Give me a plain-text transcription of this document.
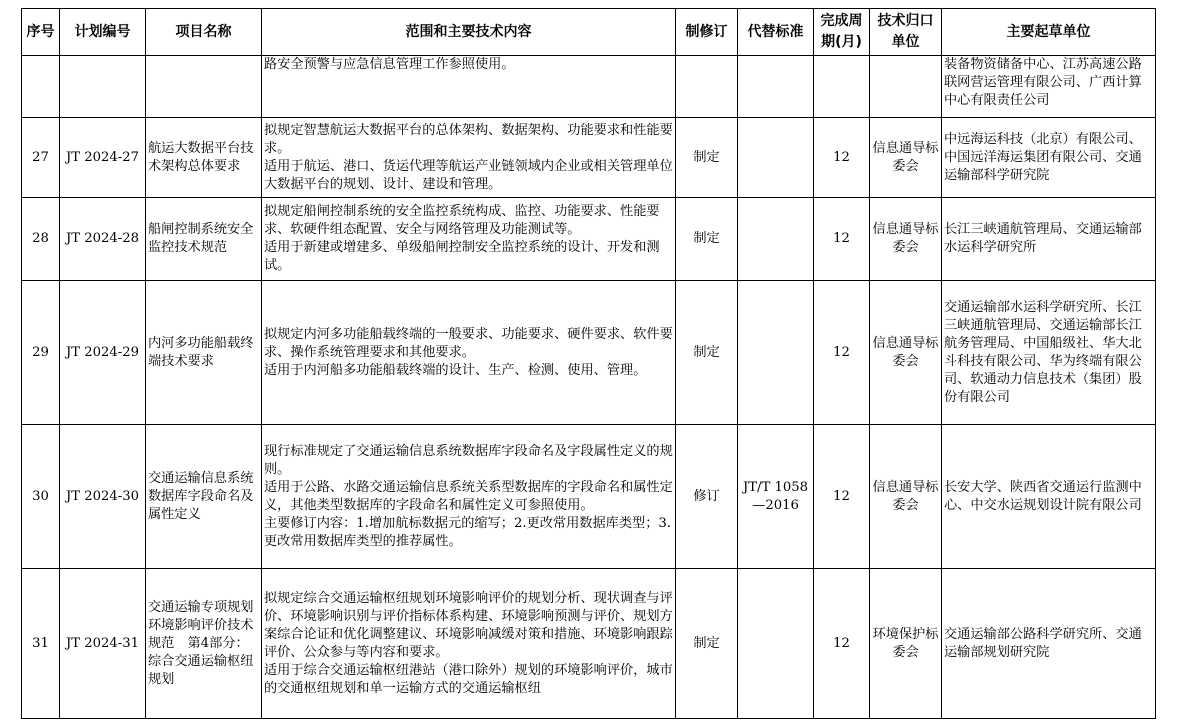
序号	计划编号	项目名称	范围和主要技术内容	制修订	代替标准	完成周期(月)	技术归口单位	主要起草单位
			路安全预警与应急信息管理工作参照使用。					装备物资储备中心、江苏高速公路联网营运管理有限公司、广西计算中心有限责任公司
27	JT 2024-27	航运大数据平台技术架构总体要求	拟规定智慧航运大数据平台的总体架构、数据架构、功能要求和性能要求。
适用于航运、港口、货运代理等航运产业链领域内企业或相关管理单位大数据平台的规划、设计、建设和管理。	制定		12	信息通导标委会	中远海运科技（北京）有限公司、中国远洋海运集团有限公司、交通运输部科学研究院
28	JT 2024-28	船闸控制系统安全监控技术规范	拟规定船闸控制系统的安全监控系统构成、监控、功能要求、性能要求、软硬件组态配置、安全与网络管理及功能测试等。
适用于新建或增建多、单级船闸控制安全监控系统的设计、开发和测试。	制定		12	信息通导标委会	长江三峡通航管理局、交通运输部水运科学研究所
29	JT 2024-29	内河多功能船载终端技术要求	拟规定内河多功能船载终端的一般要求、功能要求、硬件要求、软件要求、操作系统管理要求和其他要求。
适用于内河船多功能船载终端的设计、生产、检测、使用、管理。	制定		12	信息通导标委会	交通运输部水运科学研究所、长江三峡通航管理局、交通运输部长江航务管理局、中国船级社、华大北斗科技有限公司、华为终端有限公司、软通动力信息技术（集团）股份有限公司
30	JT 2024-30	交通运输信息系统　数据库字段命名及属性定义	现行标准规定了交通运输信息系统数据库字段命名及字段属性定义的规则。
适用于公路、水路交通运输信息系统关系型数据库的字段命名和属性定义，其他类型数据库的字段命名和属性定义可参照使用。
主要修订内容：1.增加航标数据元的缩写；2.更改常用数据库类型；3.更改常用数据库类型的推荐属性。	修订	JT/T 1058—2016	12	信息通导标委会	长安大学、陕西省交通运行监测中心、中交水运规划设计院有限公司
31	JT 2024-31	交通运输专项规划环境影响评价技术规范　第4部分：综合交通运输枢纽规划	拟规定综合交通运输枢纽规划环境影响评价的规划分析、现状调查与评价、环境影响识别与评价指标体系构建、环境影响预测与评价、规划方案综合论证和优化调整建议、环境影响减缓对策和措施、环境影响跟踪评价、公众参与等内容和要求。
适用于综合交通运输枢纽港站（港口除外）规划的环境影响评价，城市的交通枢纽规划和单一运输方式的交通运输枢纽	制定		12	环境保护标委会	交通运输部公路科学研究所、交通运输部规划研究院
